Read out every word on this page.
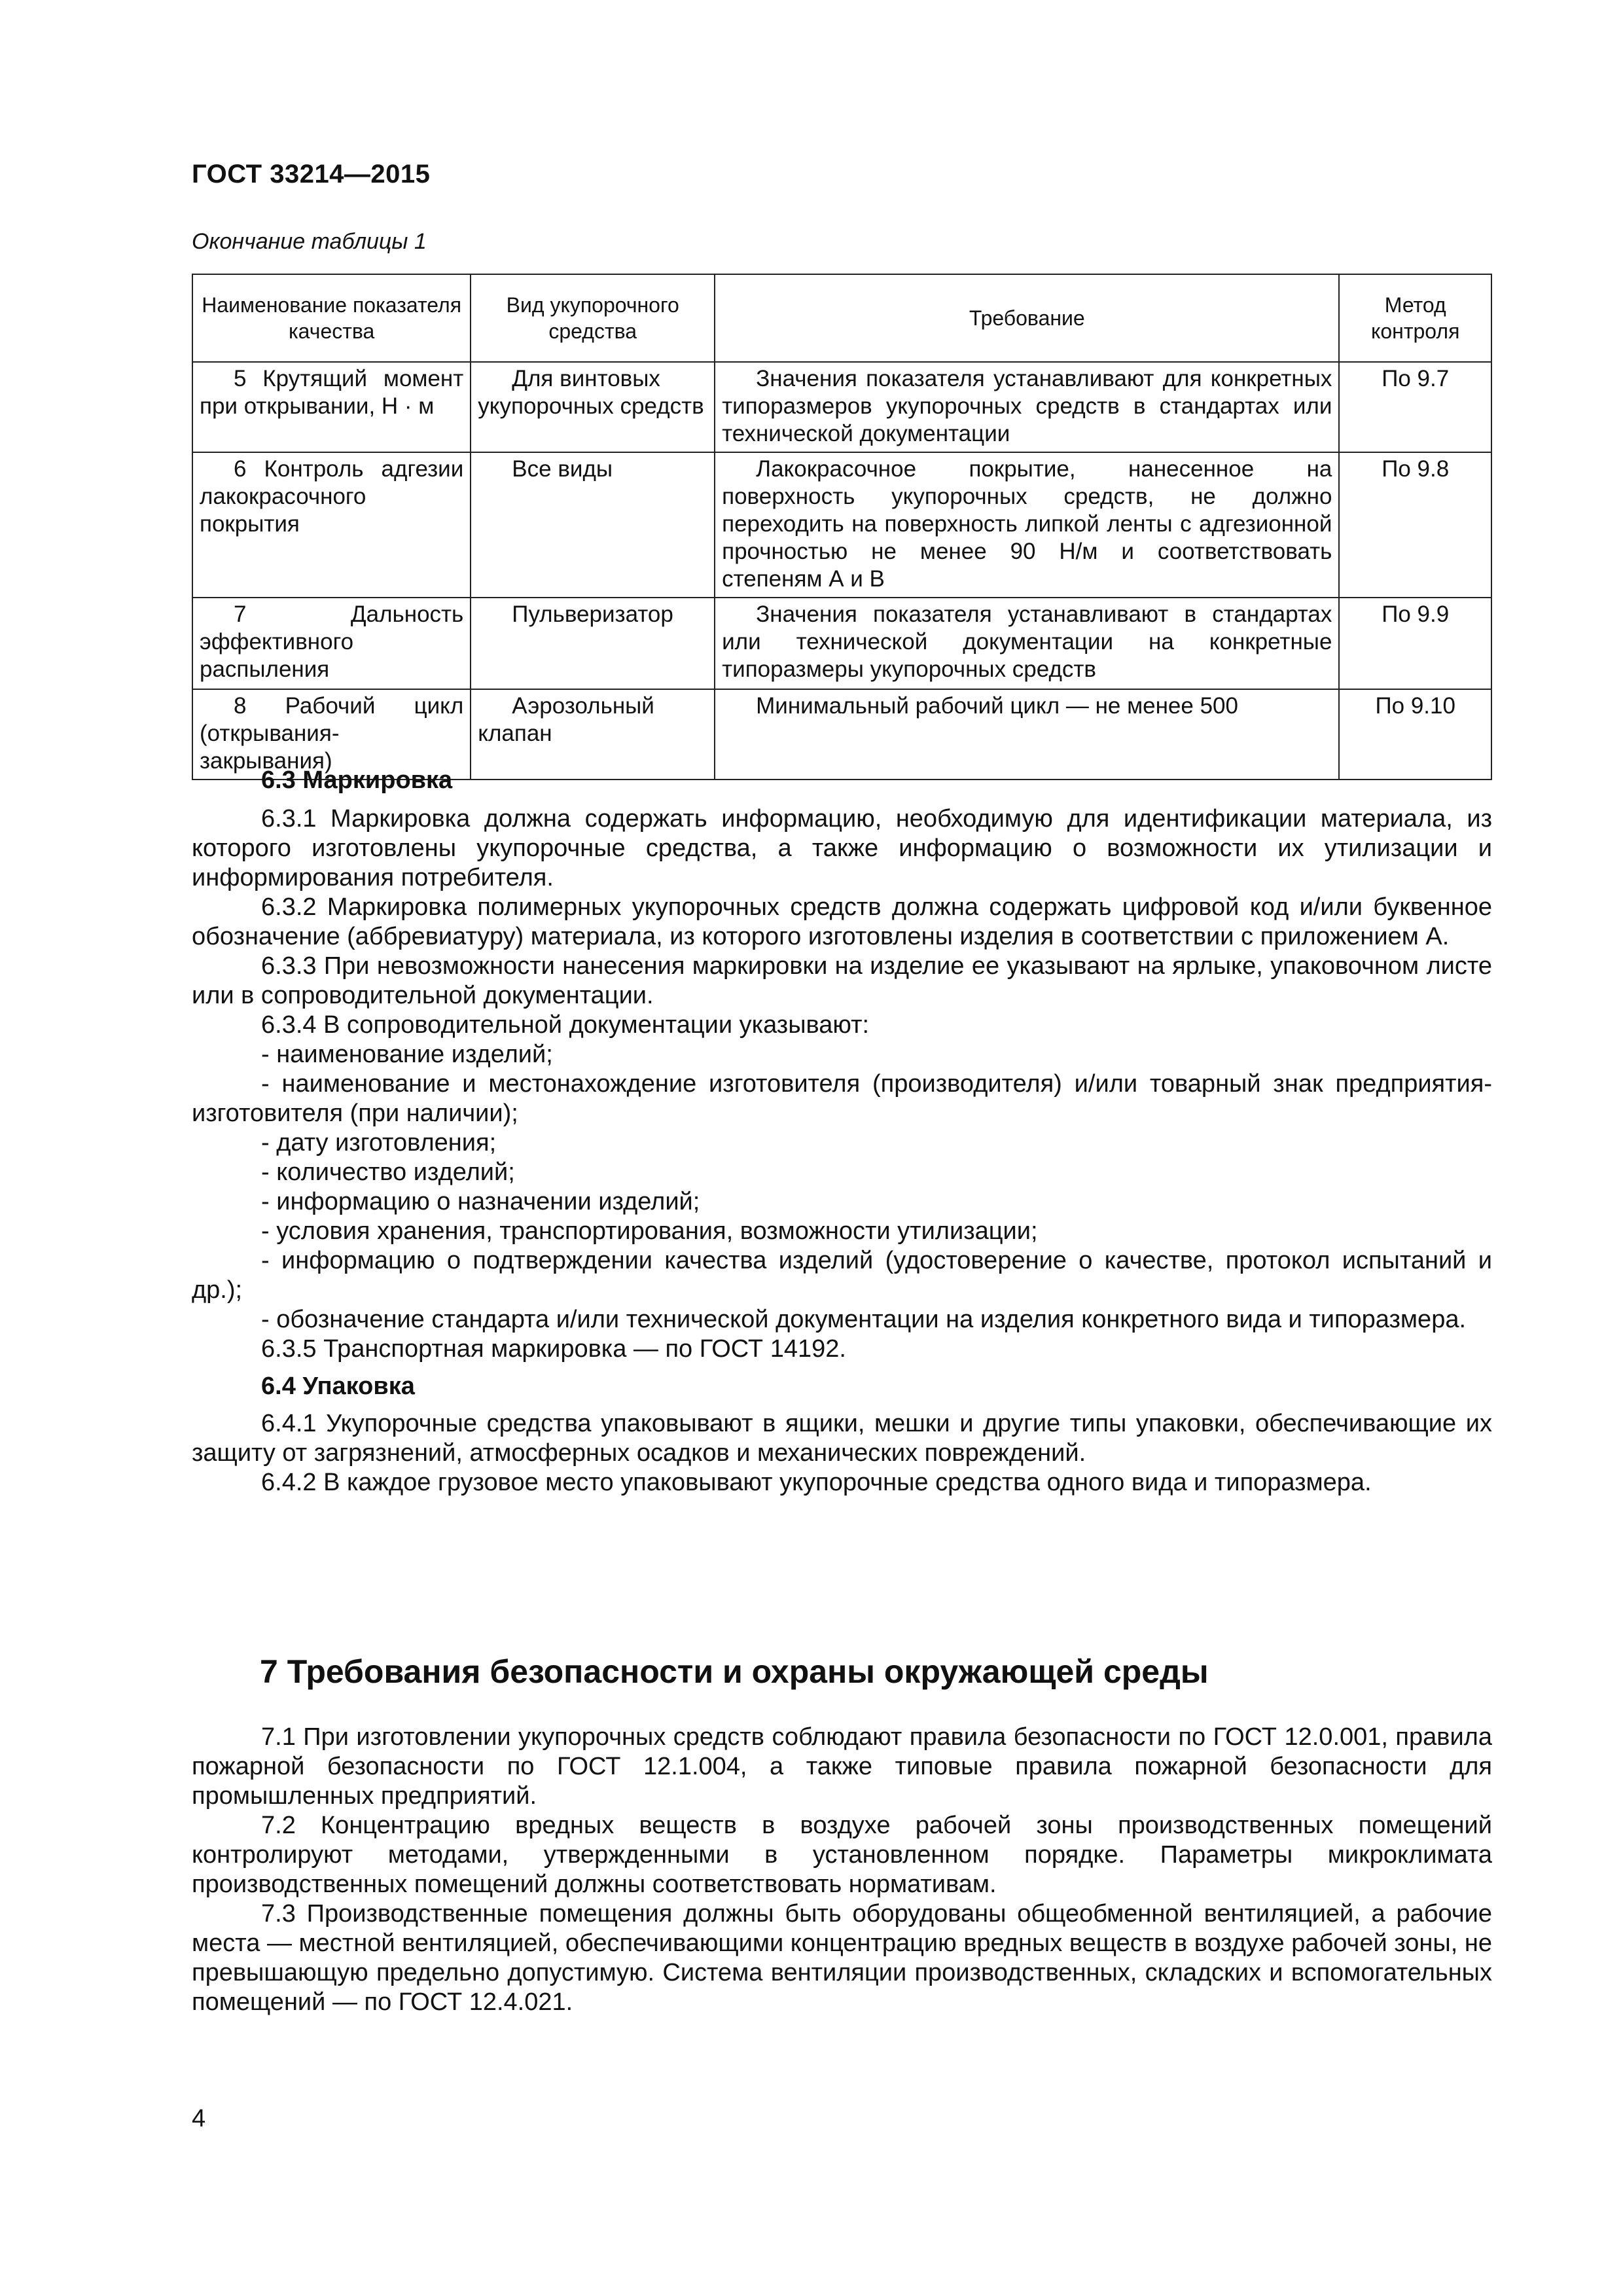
ГОСТ 33214—2015
Окончание таблицы 1
Наименование показателя качества	Вид укупорочного средства	Требование	Метод контроля

5 Крутящий момент при открывании, Н · м	Для винтовых укупорочных средств	Значения показателя устанавливают для конкретных типоразмеров укупорочных средств в стандартах или технической документации	По 9.7

6 Контроль адгезии лакокрасочного покрытия	Все виды	Лакокрасочное покрытие, нанесенное на поверхность укупорочных средств, не должно переходить на поверхность липкой ленты с адгезионной прочностью не менее 90 Н/м и соответствовать степеням А и В	По 9.8

7 Дальность эффективного распыления	Пульверизатор	Значения показателя устанавливают в стандартах или технической документации на конкретные типоразмеры укупорочных средств	По 9.9

8 Рабочий цикл (открывания-закрывания)	Аэрозольный клапан	Минимальный рабочий цикл — не менее 500	По 9.10
6.3 Маркировка

6.3.1 Маркировка должна содержать информацию, необходимую для идентификации материала, из которого изготовлены укупорочные средства, а также информацию о возможности их утилизации и информирования потребителя.

6.3.2 Маркировка полимерных укупорочных средств должна содержать цифровой код и/или буквенное обозначение (аббревиатуру) материала, из которого изготовлены изделия в соответствии с приложением А.

6.3.3 При невозможности нанесения маркировки на изделие ее указывают на ярлыке, упаковочном листе или в сопроводительной документации.

6.3.4 В сопроводительной документации указывают:

- наименование изделий;

- наименование и местонахождение изготовителя (производителя) и/или товарный знак предприятия-изготовителя (при наличии);

- дату изготовления;

- количество изделий;

- информацию о назначении изделий;

- условия хранения, транспортирования, возможности утилизации;

- информацию о подтверждении качества изделий (удостоверение о качестве, протокол испытаний и др.);

- обозначение стандарта и/или технической документации на изделия конкретного вида и типоразмера.

6.3.5 Транспортная маркировка — по ГОСТ 14192.

6.4 Упаковка

6.4.1 Укупорочные средства упаковывают в ящики, мешки и другие типы упаковки, обеспечивающие их защиту от загрязнений, атмосферных осадков и механических повреждений.

6.4.2 В каждое грузовое место упаковывают укупорочные средства одного вида и типоразмера.

7 Требования безопасности и охраны окружающей среды

7.1 При изготовлении укупорочных средств соблюдают правила безопасности по ГОСТ 12.0.001, правила пожарной безопасности по ГОСТ 12.1.004, а также типовые правила пожарной безопасности для промышленных предприятий.

7.2 Концентрацию вредных веществ в воздухе рабочей зоны производственных помещений контролируют методами, утвержденными в установленном порядке. Параметры микроклимата производственных помещений должны соответствовать нормативам.

7.3 Производственные помещения должны быть оборудованы общеобменной вентиляцией, а рабочие места — местной вентиляцией, обеспечивающими концентрацию вредных веществ в воздухе рабочей зоны, не превышающую предельно допустимую. Система вентиляции производственных, складских и вспомогательных помещений — по ГОСТ 12.4.021.

4
